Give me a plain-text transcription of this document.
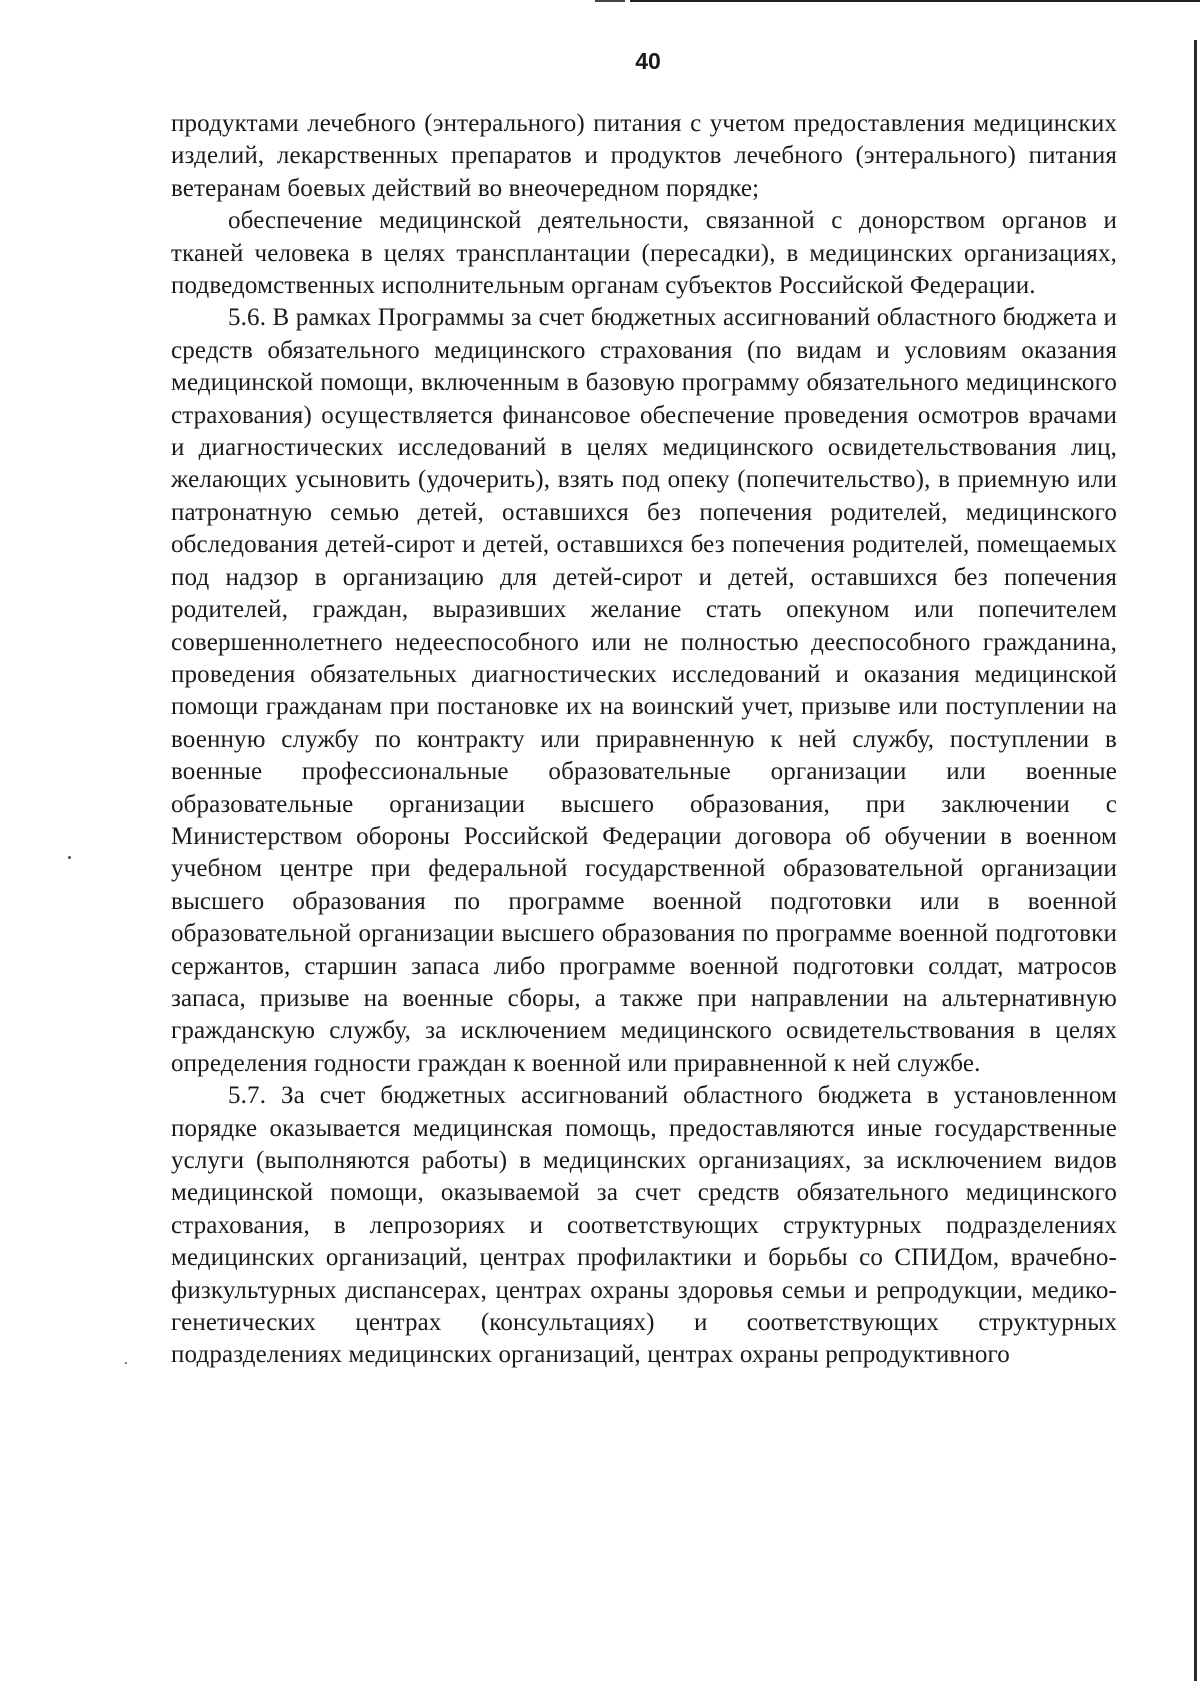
40

продуктами лечебного (энтерального) питания с учетом предоставления медицинских изделий, лекарственных препаратов и продуктов лечебного (энтерального) питания ветеранам боевых действий во внеочередном порядке;

обеспечение медицинской деятельности, связанной с донорством органов и тканей человека в целях трансплантации (пересадки), в медицинских организациях, подведомственных исполнительным органам субъектов Российской Федерации.

5.6. В рамках Программы за счет бюджетных ассигнований областного бюджета и средств обязательного медицинского страхования (по видам и условиям оказания медицинской помощи, включенным в базовую программу обязательного медицинского страхования) осуществляется финансовое обеспечение проведения осмотров врачами и диагностических исследований в целях медицинского освидетельствования лиц, желающих усыновить (удочерить), взять под опеку (попечительство), в приемную или патронатную семью детей, оставшихся без попечения родителей, медицинского обследования детей-сирот и детей, оставшихся без попечения родителей, помещаемых под надзор в организацию для детей-сирот и детей, оставшихся без попечения родителей, граждан, выразивших желание стать опекуном или попечителем совершеннолетнего недееспособного или не полностью дееспособного гражданина, проведения обязательных диагностических исследований и оказания медицинской помощи гражданам при постановке их на воинский учет, призыве или поступлении на военную службу по контракту или приравненную к ней службу, поступлении в военные профессиональные образовательные организации или военные образовательные организации высшего образования, при заключении с Министерством обороны Российской Федерации договора об обучении в военном учебном центре при федеральной государственной образовательной организации высшего образования по программе военной подготовки или в военной образовательной организации высшего образования по программе военной подготовки сержантов, старшин запаса либо программе военной подготовки солдат, матросов запаса, призыве на военные сборы, а также при направлении на альтернативную гражданскую службу, за исключением медицинского освидетельствования в целях определения годности граждан к военной или приравненной к ней службе.

5.7. За счет бюджетных ассигнований областного бюджета в установленном порядке оказывается медицинская помощь, предоставляются иные государственные услуги (выполняются работы) в медицинских организациях, за исключением видов медицинской помощи, оказываемой за счет средств обязательного медицинского страхования, в лепрозориях и соответствующих структурных подразделениях медицинских организаций, центрах профилактики и борьбы со СПИДом, врачебно-физкультурных диспансерах, центрах охраны здоровья семьи и репродукции, медико-генетических центрах (консультациях) и соответствующих структурных подразделениях медицинских организаций, центрах охраны репродуктивного
